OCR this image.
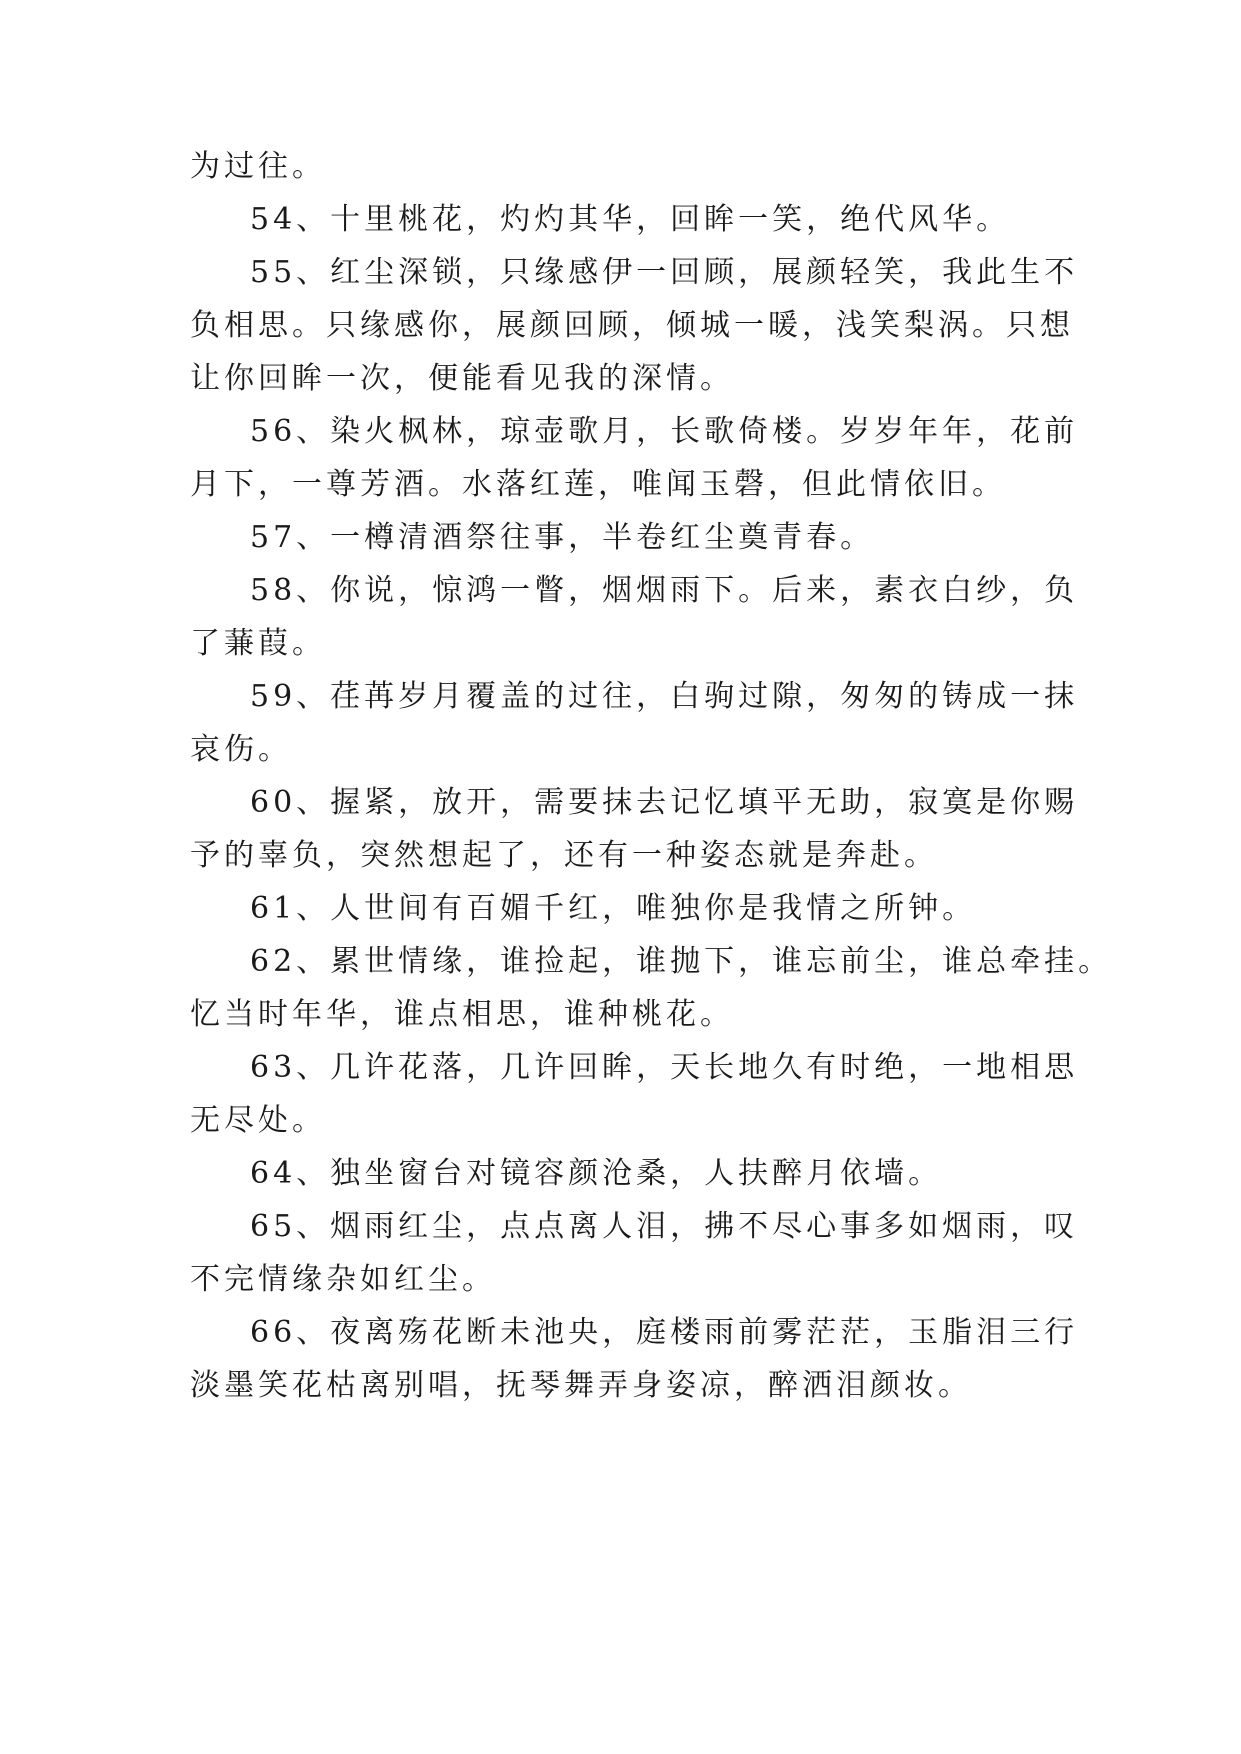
为过往。
54、十里桃花，灼灼其华，回眸一笑，绝代风华。
55、红尘深锁，只缘感伊一回顾，展颜轻笑，我此生不
负相思。只缘感你，展颜回顾，倾城一暖，浅笑梨涡。只想
让你回眸一次，便能看见我的深情。
56、染火枫林，琼壶歌月，长歌倚楼。岁岁年年，花前
月下，一尊芳酒。水落红莲，唯闻玉磬，但此情依旧。
57、一樽清酒祭往事，半卷红尘奠青春。
58、你说，惊鸿一瞥，烟烟雨下。后来，素衣白纱，负
了蒹葭。
59、荏苒岁月覆盖的过往，白驹过隙，匆匆的铸成一抹
哀伤。
60、握紧，放开，需要抹去记忆填平无助，寂寞是你赐
予的辜负，突然想起了，还有一种姿态就是奔赴。
61、人世间有百媚千红，唯独你是我情之所钟。
62、累世情缘，谁捡起，谁抛下，谁忘前尘，谁总牵挂。
忆当时年华，谁点相思，谁种桃花。
63、几许花落，几许回眸，天长地久有时绝，一地相思
无尽处。
64、独坐窗台对镜容颜沧桑，人扶醉月依墙。
65、烟雨红尘，点点离人泪，拂不尽心事多如烟雨，叹
不完情缘杂如红尘。
66、夜离殇花断未池央，庭楼雨前雾茫茫，玉脂泪三行
淡墨笑花枯离别唱，抚琴舞弄身姿凉，醉洒泪颜妆。
